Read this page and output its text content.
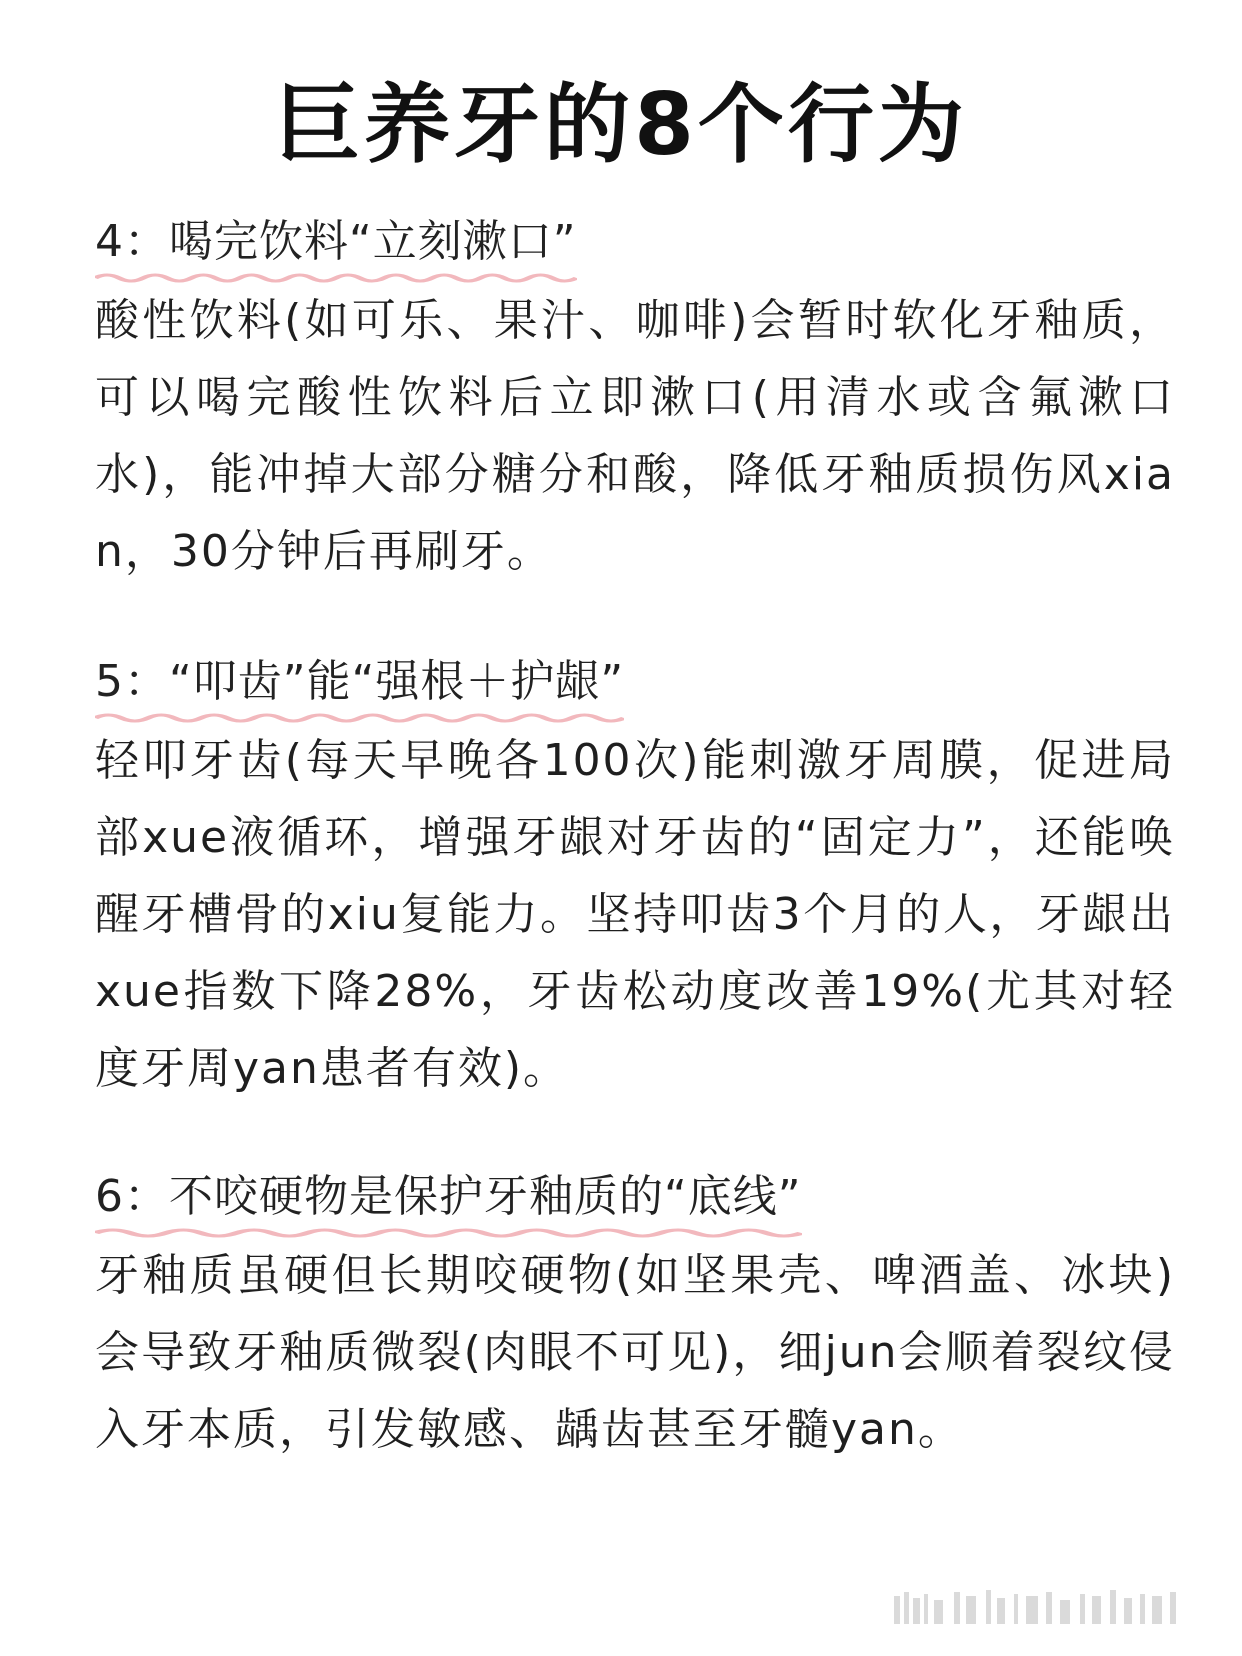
巨养牙的8个行为
4：喝完饮料“立刻漱口”
酸性饮料(如可乐、果汁、咖啡)会暂时软化牙釉质，可以喝完酸性饮料后立即漱口(用清水或含氟漱口水)，能冲掉大部分糖分和酸，降低牙釉质损伤风xian，30分钟后再刷牙。
5：“叩齿”能“强根＋护龈”
轻叩牙齿(每天早晚各100次)能刺激牙周膜，促进局部xue液循环，增强牙龈对牙齿的“固定力”，还能唤醒牙槽骨的xiu复能力。坚持叩齿3个月的人，牙龈出xue指数下降28%，牙齿松动度改善19%(尤其对轻度牙周yan患者有效)。
6：不咬硬物是保护牙釉质的“底线”
牙釉质虽硬但长期咬硬物(如坚果壳、啤酒盖、冰块)会导致牙釉质微裂(肉眼不可见)，细jun会顺着裂纹侵入牙本质，引发敏感、龋齿甚至牙髓yan。
